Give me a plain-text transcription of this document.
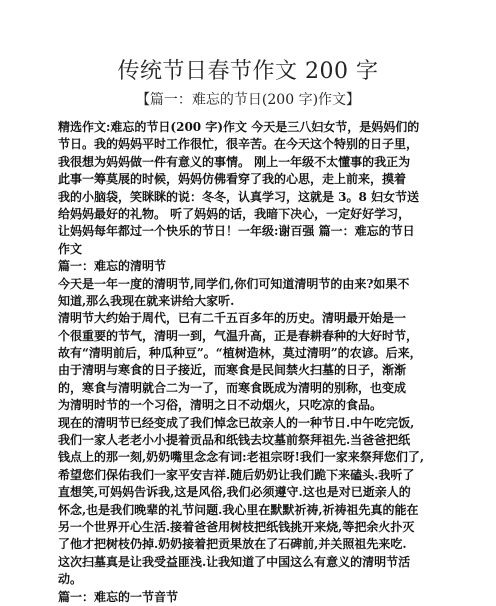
传统节日春节作文 200 字
【篇一：难忘的节日(200 字)作文】
精选作文:难忘的节日(200 字)作文 今天是三八妇女节，是妈妈们的
节日。我的妈妈平时工作很忙，很辛苦。在今天这个特别的日子里，
我很想为妈妈做一件有意义的事情。 刚上一年级不太懂事的我正为
此事一筹莫展的时候，妈妈仿佛看穿了我的心思，走上前来，摸着
我的小脑袋，笑眯眯的说：冬冬，认真学习，这就是 3。8 妇女节送
给妈妈最好的礼物。 听了妈妈的话，我暗下决心，一定好好学习，
让妈妈每年都过一个快乐的节日！一年级:谢百强 篇一：难忘的节日
作文
篇一：难忘的清明节
今天是一年一度的清明节,同学们,你们可知道清明节的由来?如果不
知道,那么我现在就来讲给大家听.
清明节大约始于周代，已有二千五百多年的历史。清明最开始是一
个很重要的节气，清明一到，气温升高，正是春耕春种的大好时节，
故有“清明前后，种瓜种豆”。“植树造林，莫过清明”的农谚。后来，
由于清明与寒食的日子接近，而寒食是民间禁火扫墓的日子，渐渐
的，寒食与清明就合二为一了，而寒食既成为清明的别称，也变成
为清明时节的一个习俗，清明之日不动烟火，只吃凉的食品。
现在的清明节已经变成了我们悼念已故亲人的一种节日.中午吃完饭,
我们一家人老老小小提着贡品和纸钱去坟墓前祭拜祖先.当爸爸把纸
钱点上的那一刻,奶奶嘴里念念有词:老祖宗呀!我们一家来祭拜您们了,
希望您们保佑我们一家平安吉祥.随后奶奶让我们跪下来磕头.我听了
直想笑,可妈妈告诉我,这是风俗,我们必须遵守.这也是对已逝亲人的
怀念,也是我们晚辈的礼节问题.我心里在默默祈祷,祈祷祖先真的能在
另一个世界开心生活.接着爸爸用树枝把纸钱挑开来烧,等把余火扑灭
了他才把树枝仍掉.奶奶接着把贡果放在了石碑前,并关照祖先来吃.
这次扫墓真是让我受益匪浅.让我知道了中国这么有意义的清明节活
动。
篇一：难忘的一节音节
